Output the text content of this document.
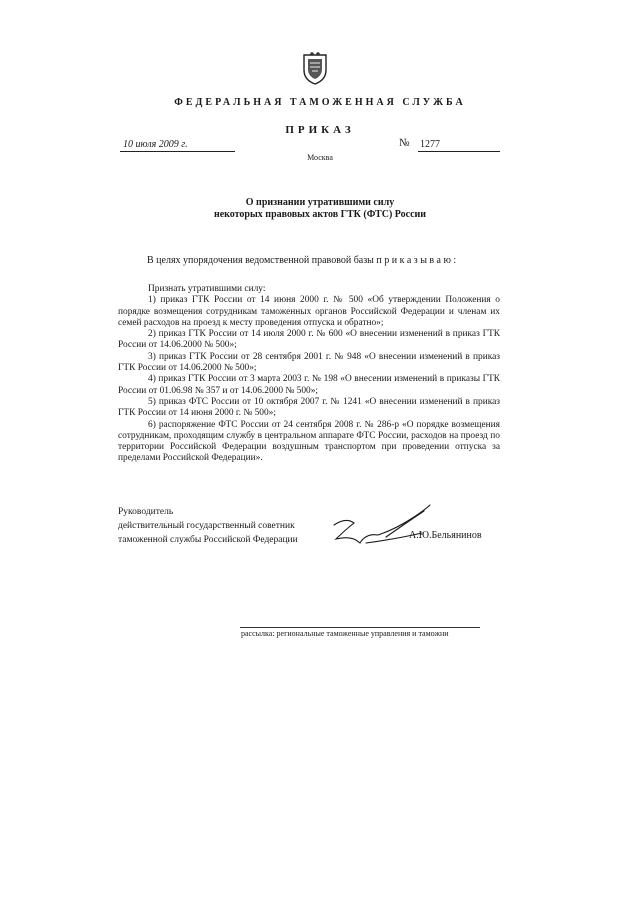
ФЕДЕРАЛЬНАЯ ТАМОЖЕННАЯ СЛУЖБА
ПРИКАЗ
10 июля 2009 г.	№ 1277
Москва
О признании утратившими силу
некоторых правовых актов ГТК (ФТС) России
В целях упорядочения ведомственной правовой базы приказываю:

Признать утратившими силу:

1) приказ ГТК России от 14 июня 2000 г. № 500 «Об утверждении Положения о порядке возмещения сотрудникам таможенных органов Российской Федерации и членам их семей расходов на проезд к месту проведения отпуска и обратно»;

2) приказ ГТК России от 14 июля 2000 г. № 600 «О внесении изменений в приказ ГТК России от 14.06.2000 № 500»;

3) приказ ГТК России от 28 сентября 2001 г. № 948 «О внесении изменений в приказ ГТК России от 14.06.2000 № 500»;

4) приказ ГТК России от 3 марта 2003 г. № 198 «О внесении изменений в приказы ГТК России от 01.06.98 № 357 и от 14.06.2000 № 500»;

5) приказ ФТС России от 10 октября 2007 г. № 1241 «О внесении изменений в приказ ГТК России от 14 июня 2000 г. № 500»;

6) распоряжение ФТС России от 24 сентября 2008 г. № 286-р «О порядке возмещения сотрудникам, проходящим службу в центральном аппарате ФТС России, расходов на проезд по территории Российской Федерации воздушным транспортом при проведении отпуска за пределами Российской Федерации».

Руководитель
действительный государственный советник
таможенной службы Российской Федерации	А.Ю.Бельянинов
рассылка: региональные таможенные управления и таможни
